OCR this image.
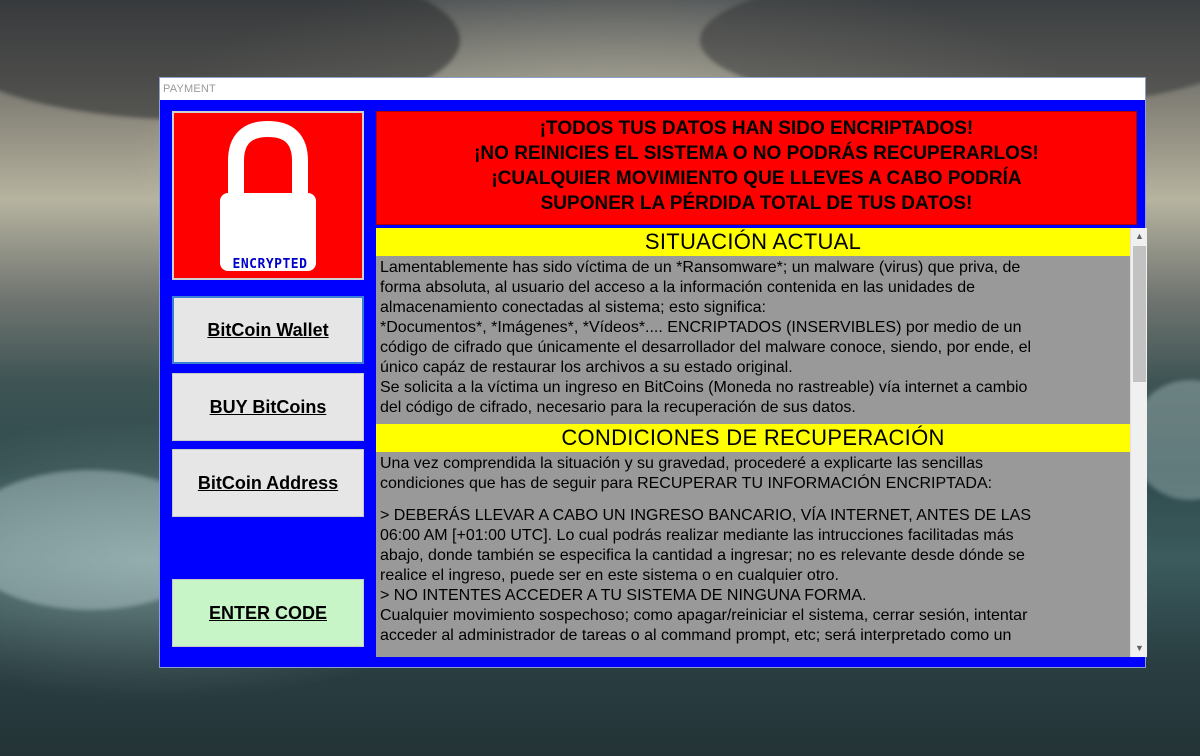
PAYMENT
ENCRYPTED
BitCoin Wallet
BUY BitCoins
BitCoin Address
ENTER CODE
¡TODOS TUS DATOS HAN SIDO ENCRIPTADOS!
¡NO REINICIES EL SISTEMA O NO PODRÁS RECUPERARLOS!
¡CUALQUIER MOVIMIENTO QUE LLEVES A CABO PODRÍA
SUPONER LA PÉRDIDA TOTAL DE TUS DATOS!
SITUACIÓN ACTUAL

Lamentablemente has sido víctima de un *Ransomware*; un malware (virus) que priva, de

forma absoluta, al usuario del acceso a la información contenida en las unidades de

almacenamiento conectadas al sistema; esto significa:

*Documentos*, *Imágenes*, *Vídeos*.... ENCRIPTADOS (INSERVIBLES) por medio de un

código de cifrado que únicamente el desarrollador del malware conoce, siendo, por ende, el

único capáz de restaurar los archivos a su estado original.

Se solicita a la víctima un ingreso en BitCoins (Moneda no rastreable) vía internet a cambio

del código de cifrado, necesario para la recuperación de sus datos.

CONDICIONES DE RECUPERACIÓN

Una vez comprendida la situación y su gravedad, procederé a explicarte las sencillas

condiciones que has de seguir para RECUPERAR TU INFORMACIÓN ENCRIPTADA:

> DEBERÁS LLEVAR A CABO UN INGRESO BANCARIO, VÍA INTERNET, ANTES DE LAS

06:00 AM [+01:00 UTC]. Lo cual podrás realizar mediante las intrucciones facilitadas más

abajo, donde también se especifica la cantidad a ingresar; no es relevante desde dónde se

realice el ingreso, puede ser en este sistema o en cualquier otro.

> NO INTENTES ACCEDER A TU SISTEMA DE NINGUNA FORMA.

Cualquier movimiento sospechoso; como apagar/reiniciar el sistema, cerrar sesión, intentar

acceder al administrador de tareas o al command prompt, etc; será interpretado como un

▲
▼
